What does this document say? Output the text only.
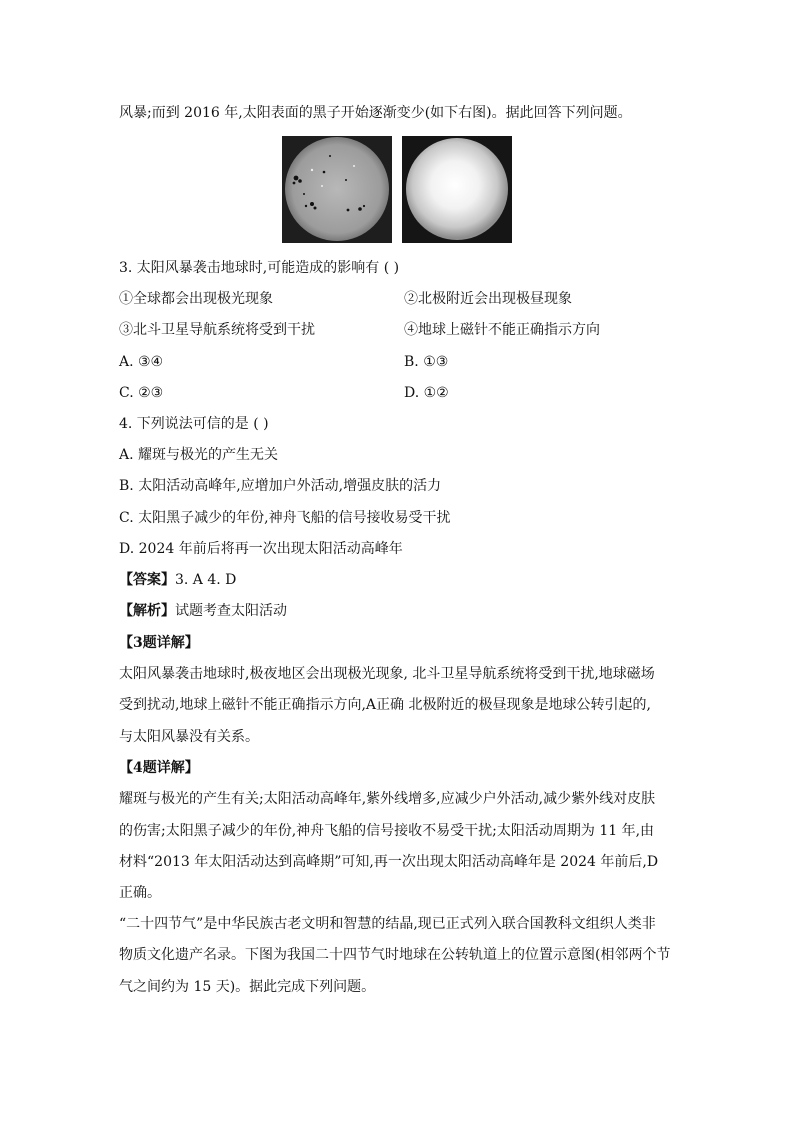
风暴;而到 2016 年,太阳表面的黑子开始逐渐变少(如下右图)。据此回答下列问题。
3. 太阳风暴袭击地球时,可能造成的影响有 ( )
①全球都会出现极光现象	②北极附近会出现极昼现象
③北斗卫星导航系统将受到干扰	④地球上磁针不能正确指示方向
A. ③④	B. ①③
C. ②③	D. ①②
4. 下列说法可信的是 ( )
A. 耀斑与极光的产生无关
B. 太阳活动高峰年,应增加户外活动,增强皮肤的活力
C. 太阳黑子减少的年份,神舟飞船的信号接收易受干扰
D. 2024 年前后将再一次出现太阳活动高峰年
【答案】3. A 4. D
【解析】试题考查太阳活动
【3题详解】
太阳风暴袭击地球时,极夜地区会出现极光现象, 北斗卫星导航系统将受到干扰,地球磁场
受到扰动,地球上磁针不能正确指示方向,A正确 北极附近的极昼现象是地球公转引起的,
与太阳风暴没有关系。
【4题详解】
耀斑与极光的产生有关;太阳活动高峰年,紫外线增多,应减少户外活动,减少紫外线对皮肤
的伤害;太阳黑子减少的年份,神舟飞船的信号接收不易受干扰;太阳活动周期为 11 年,由
材料“2013 年太阳活动达到高峰期”可知,再一次出现太阳活动高峰年是 2024 年前后,D
正确。
“二十四节气”是中华民族古老文明和智慧的结晶,现已正式列入联合国教科文组织人类非
物质文化遗产名录。下图为我国二十四节气时地球在公转轨道上的位置示意图(相邻两个节
气之间约为 15 天)。据此完成下列问题。
